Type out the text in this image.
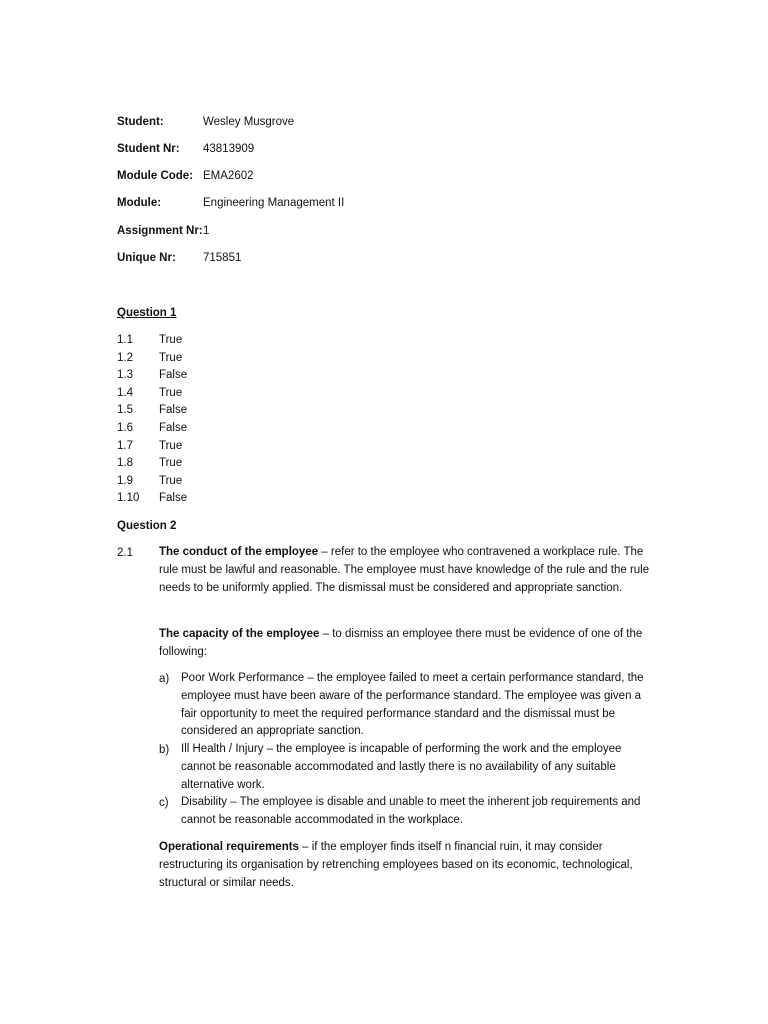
Student:	Wesley Musgrove
Student Nr: 43813909
Module Code: EMA2602
Module:	Engineering Management II
Assignment Nr: 1
Unique Nr: 715851
Question 1
1.1 True
1.2 True
1.3 False
1.4 True
1.5 False
1.6 False
1.7 True
1.8 True
1.9 True
1.10 False
Question 2
2.1 The conduct of the employee – refer to the employee who contravened a workplace rule. The rule must be lawful and reasonable. The employee must have knowledge of the rule and the rule needs to be uniformly applied. The dismissal must be considered and appropriate sanction.
The capacity of the employee – to dismiss an employee there must be evidence of one of the following:
a) Poor Work Performance – the employee failed to meet a certain performance standard, the employee must have been aware of the performance standard. The employee was given a fair opportunity to meet the required performance standard and the dismissal must be considered an appropriate sanction.
b) Ill Health / Injury – the employee is incapable of performing the work and the employee cannot be reasonable accommodated and lastly there is no availability of any suitable alternative work.
c) Disability – The employee is disable and unable to meet the inherent job requirements and cannot be reasonable accommodated in the workplace.
Operational requirements – if the employer finds itself n financial ruin, it may consider restructuring its organisation by retrenching employees based on its economic, technological, structural or similar needs.
